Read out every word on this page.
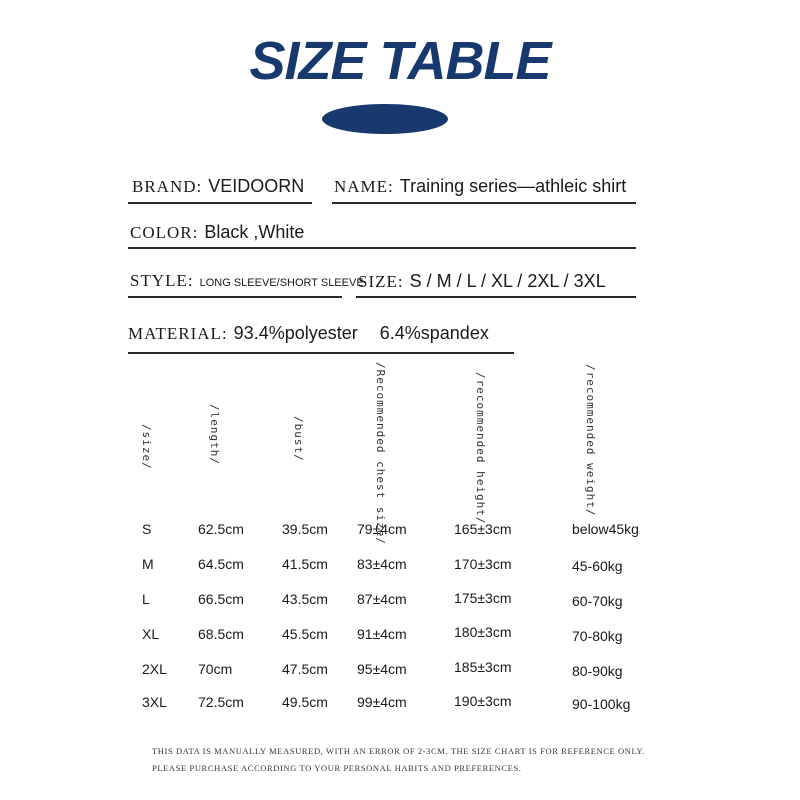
SIZE TABLE
BRAND: VEIDOORN NAME: Training series—athleic shirt
COLOR: Black ,White
STYLE: LONG SLEEVE/SHORT SLEEVE
SIZE: S / M / L / XL / 2XL / 3XL
MATERIAL: 93.4%polyester 6.4%spandex
/size/	/length/	/bust/	/Recommended chest size/	/recommended height/	/recommended weight/
S	62.5cm	39.5cm 79±4cm	165±3cm	below45kg
M	64.5cm	41.5cm 83±4cm	170±3cm	45-60kg
L	66.5cm	43.5cm 87±4cm	175±3cm	60-70kg
XL	68.5cm	45.5cm 91±4cm	180±3cm	70-80kg
2XL 70cm	47.5cm 95±4cm	185±3cm	80-90kg
3XL 72.5cm	49.5cm 99±4cm	190±3cm	90-100kg
THIS DATA IS MANUALLY MEASURED, WITH AN ERROR OF 2-3CM. THE SIZE CHART IS FOR REFERENCE ONLY.
PLEASE PURCHASE ACCORDING TO YOUR PERSONAL HABITS AND PREFERENCES.
